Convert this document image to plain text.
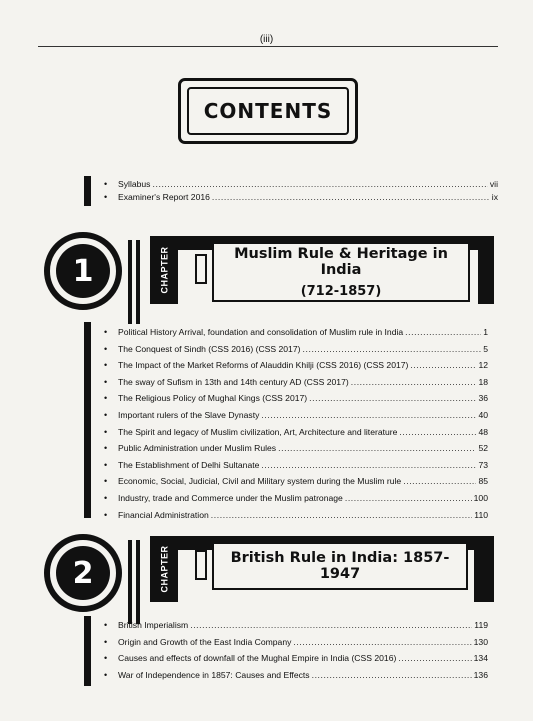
(iii)
CONTENTS
•	Syllabus .....	vii
•	Examiner's Report 2016 .....	ix
1	CHAPTER	Muslim Rule & Heritage in India
(712-1857)
•	Political History Arrival, foundation and consolidation of Muslim rule in India .....	1
•	The Conquest of Sindh (CSS 2016) (CSS 2017) .....	5
•	The Impact of the Market Reforms of Alauddin Khilji (CSS 2016) (CSS 2017) .....	12
•	The sway of Sufism in 13th and 14th century AD (CSS 2017) .....	18
•	The Religious Policy of Mughal Kings (CSS 2017) .....	36
•	Important rulers of the Slave Dynasty .....	40
•	The Spirit and legacy of Muslim civilization, Art, Architecture and literature .....	48
•	Public Administration under Muslim Rules .....	52
•	The Establishment of Delhi Sultanate .....	73
•	Economic, Social, Judicial, Civil and Military system during the Muslim rule .....	85
•	Industry, trade and Commerce under the Muslim patronage .....	100
•	Financial Administration .....	110
2	CHAPTER	British Rule in India: 1857-1947
•	British Imperialism .....	119
•	Origin and Growth of the East India Company .....	130
•	Causes and effects of downfall of the Mughal Empire in India (CSS 2016) .....	134
•	War of Independence in 1857: Causes and Effects .....	136
